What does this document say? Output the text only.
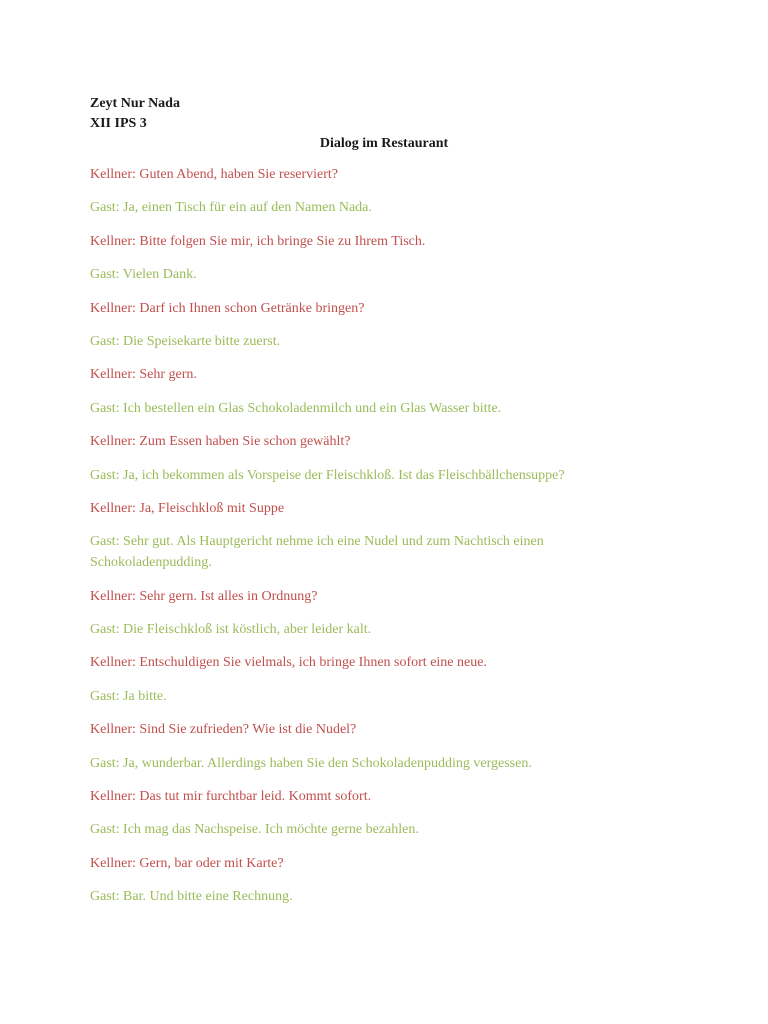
Zeyt Nur Nada

XII IPS 3

Dialog im Restaurant

Kellner: Guten Abend, haben Sie reserviert?

Gast: Ja, einen Tisch für ein auf den Namen Nada.

Kellner: Bitte folgen Sie mir, ich bringe Sie zu Ihrem Tisch.

Gast: Vielen Dank.

Kellner: Darf ich Ihnen schon Getränke bringen?

Gast: Die Speisekarte bitte zuerst.

Kellner: Sehr gern.

Gast: Ich bestellen ein Glas Schokoladenmilch und ein Glas Wasser bitte.

Kellner: Zum Essen haben Sie schon gewählt?

Gast: Ja, ich bekommen als Vorspeise der Fleischkloß. Ist das Fleischbällchensuppe?

Kellner: Ja, Fleischkloß mit Suppe

Gast: Sehr gut. Als Hauptgericht nehme ich eine Nudel und zum Nachtisch einen Schokoladenpudding.

Kellner: Sehr gern. Ist alles in Ordnung?

Gast: Die Fleischkloß ist köstlich, aber leider kalt.

Kellner: Entschuldigen Sie vielmals, ich bringe Ihnen sofort eine neue.

Gast: Ja bitte.

Kellner: Sind Sie zufrieden? Wie ist die Nudel?

Gast: Ja, wunderbar. Allerdings haben Sie den Schokoladenpudding vergessen.

Kellner: Das tut mir furchtbar leid. Kommt sofort.

Gast: Ich mag das Nachspeise. Ich möchte gerne bezahlen.

Kellner: Gern, bar oder mit Karte?

Gast: Bar. Und bitte eine Rechnung.
